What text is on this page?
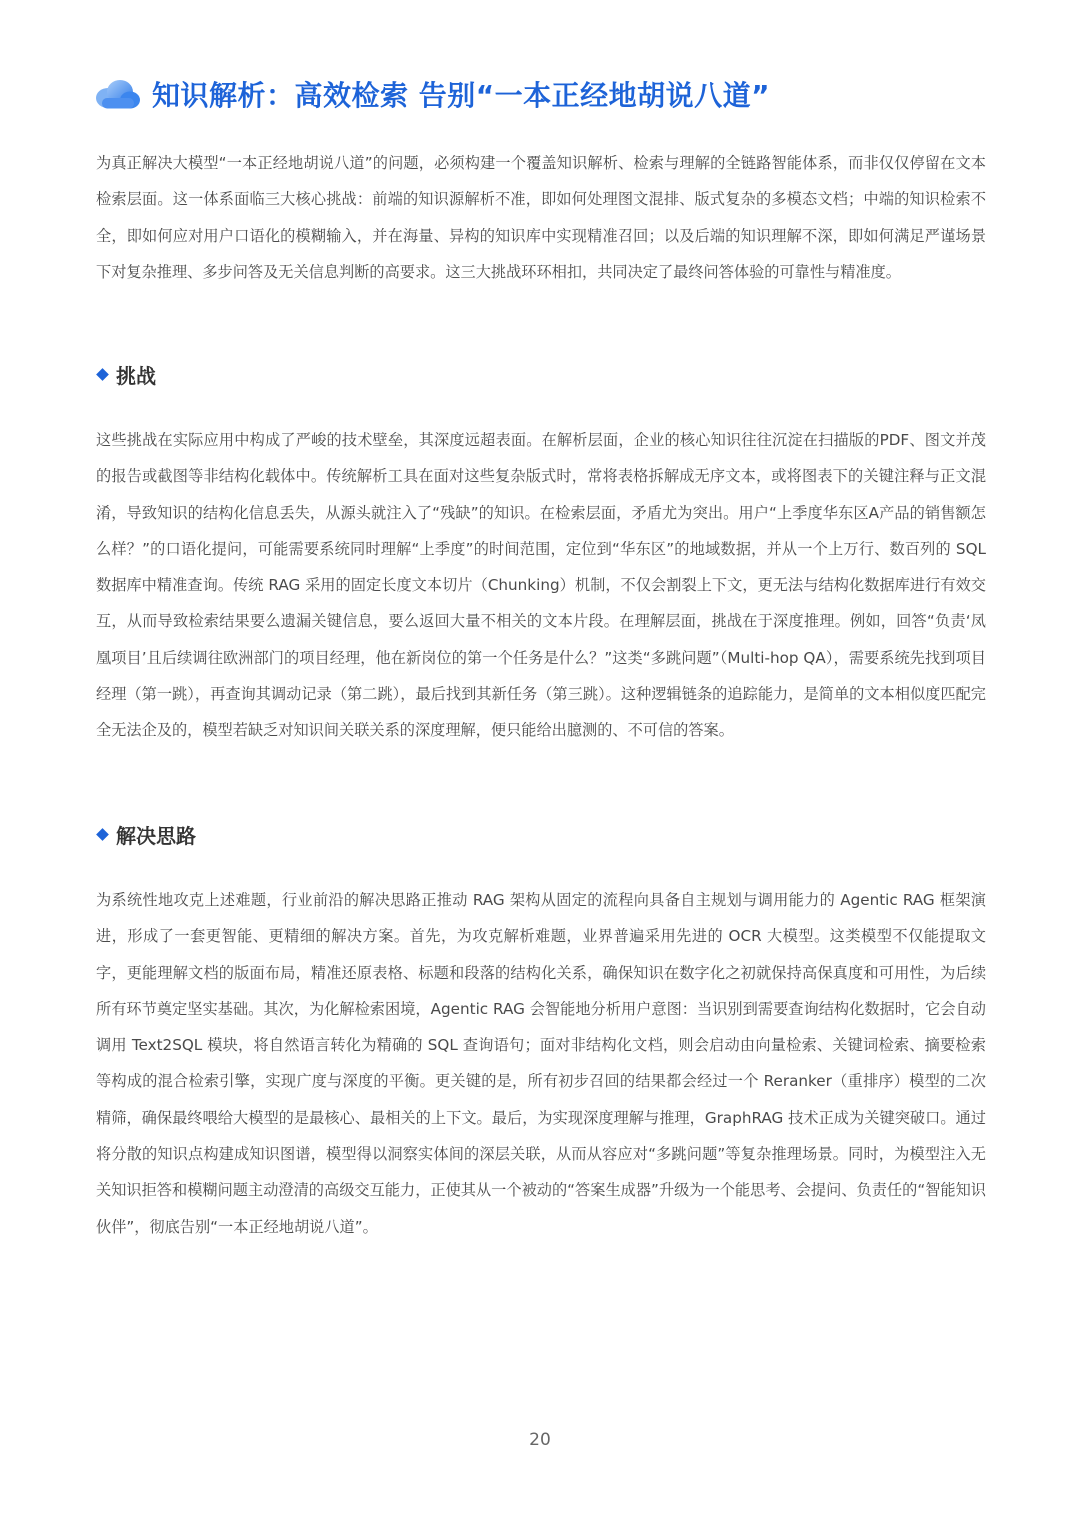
知识解析：高效检索 告别“一本正经地胡说八道”

为真正解决大模型“一本正经地胡说八道”的问题，必须构建一个覆盖知识解析、检索与理解的全链路智能体系，而非仅仅停留在文本检索层面。这一体系面临三大核心挑战：前端的知识源解析不准，即如何处理图文混排、版式复杂的多模态文档；中端的知识检索不全，即如何应对用户口语化的模糊输入，并在海量、异构的知识库中实现精准召回；以及后端的知识理解不深，即如何满足严谨场景下对复杂推理、多步问答及无关信息判断的高要求。这三大挑战环环相扣，共同决定了最终问答体验的可靠性与精准度。

挑战

这些挑战在实际应用中构成了严峻的技术壁垒，其深度远超表面。在解析层面，企业的核心知识往往沉淀在扫描版的PDF、图文并茂的报告或截图等非结构化载体中。传统解析工具在面对这些复杂版式时，常将表格拆解成无序文本，或将图表下的关键注释与正文混淆，导致知识的结构化信息丢失，从源头就注入了“残缺”的知识。在检索层面，矛盾尤为突出。用户“上季度华东区A产品的销售额怎么样？”的口语化提问，可能需要系统同时理解“上季度”的时间范围，定位到“华东区”的地域数据，并从一个上万行、数百列的 SQL 数据库中精准查询。传统 RAG 采用的固定长度文本切片（Chunking）机制，不仅会割裂上下文，更无法与结构化数据库进行有效交互，从而导致检索结果要么遗漏关键信息，要么返回大量不相关的文本片段。在理解层面，挑战在于深度推理。例如，回答“负责‘凤凰项目’且后续调往欧洲部门的项目经理，他在新岗位的第一个任务是什么？”这类“多跳问题”（Multi-hop QA），需要系统先找到项目经理（第一跳），再查询其调动记录（第二跳），最后找到其新任务（第三跳）。这种逻辑链条的追踪能力，是简单的文本相似度匹配完全无法企及的，模型若缺乏对知识间关联关系的深度理解，便只能给出臆测的、不可信的答案。

解决思路

为系统性地攻克上述难题，行业前沿的解决思路正推动 RAG 架构从固定的流程向具备自主规划与调用能力的 Agentic RAG 框架演进，形成了一套更智能、更精细的解决方案。首先，为攻克解析难题，业界普遍采用先进的 OCR 大模型。这类模型不仅能提取文字，更能理解文档的版面布局，精准还原表格、标题和段落的结构化关系，确保知识在数字化之初就保持高保真度和可用性，为后续所有环节奠定坚实基础。其次，为化解检索困境，Agentic RAG 会智能地分析用户意图：当识别到需要查询结构化数据时，它会自动调用 Text2SQL 模块，将自然语言转化为精确的 SQL 查询语句；面对非结构化文档，则会启动由向量检索、关键词检索、摘要检索等构成的混合检索引擎，实现广度与深度的平衡。更关键的是，所有初步召回的结果都会经过一个 Reranker（重排序）模型的二次精筛，确保最终喂给大模型的是最核心、最相关的上下文。最后，为实现深度理解与推理，GraphRAG 技术正成为关键突破口。通过将分散的知识点构建成知识图谱，模型得以洞察实体间的深层关联，从而从容应对“多跳问题”等复杂推理场景。同时，为模型注入无关知识拒答和模糊问题主动澄清的高级交互能力，正使其从一个被动的“答案生成器”升级为一个能思考、会提问、负责任的“智能知识伙伴”，彻底告别“一本正经地胡说八道”。

20
